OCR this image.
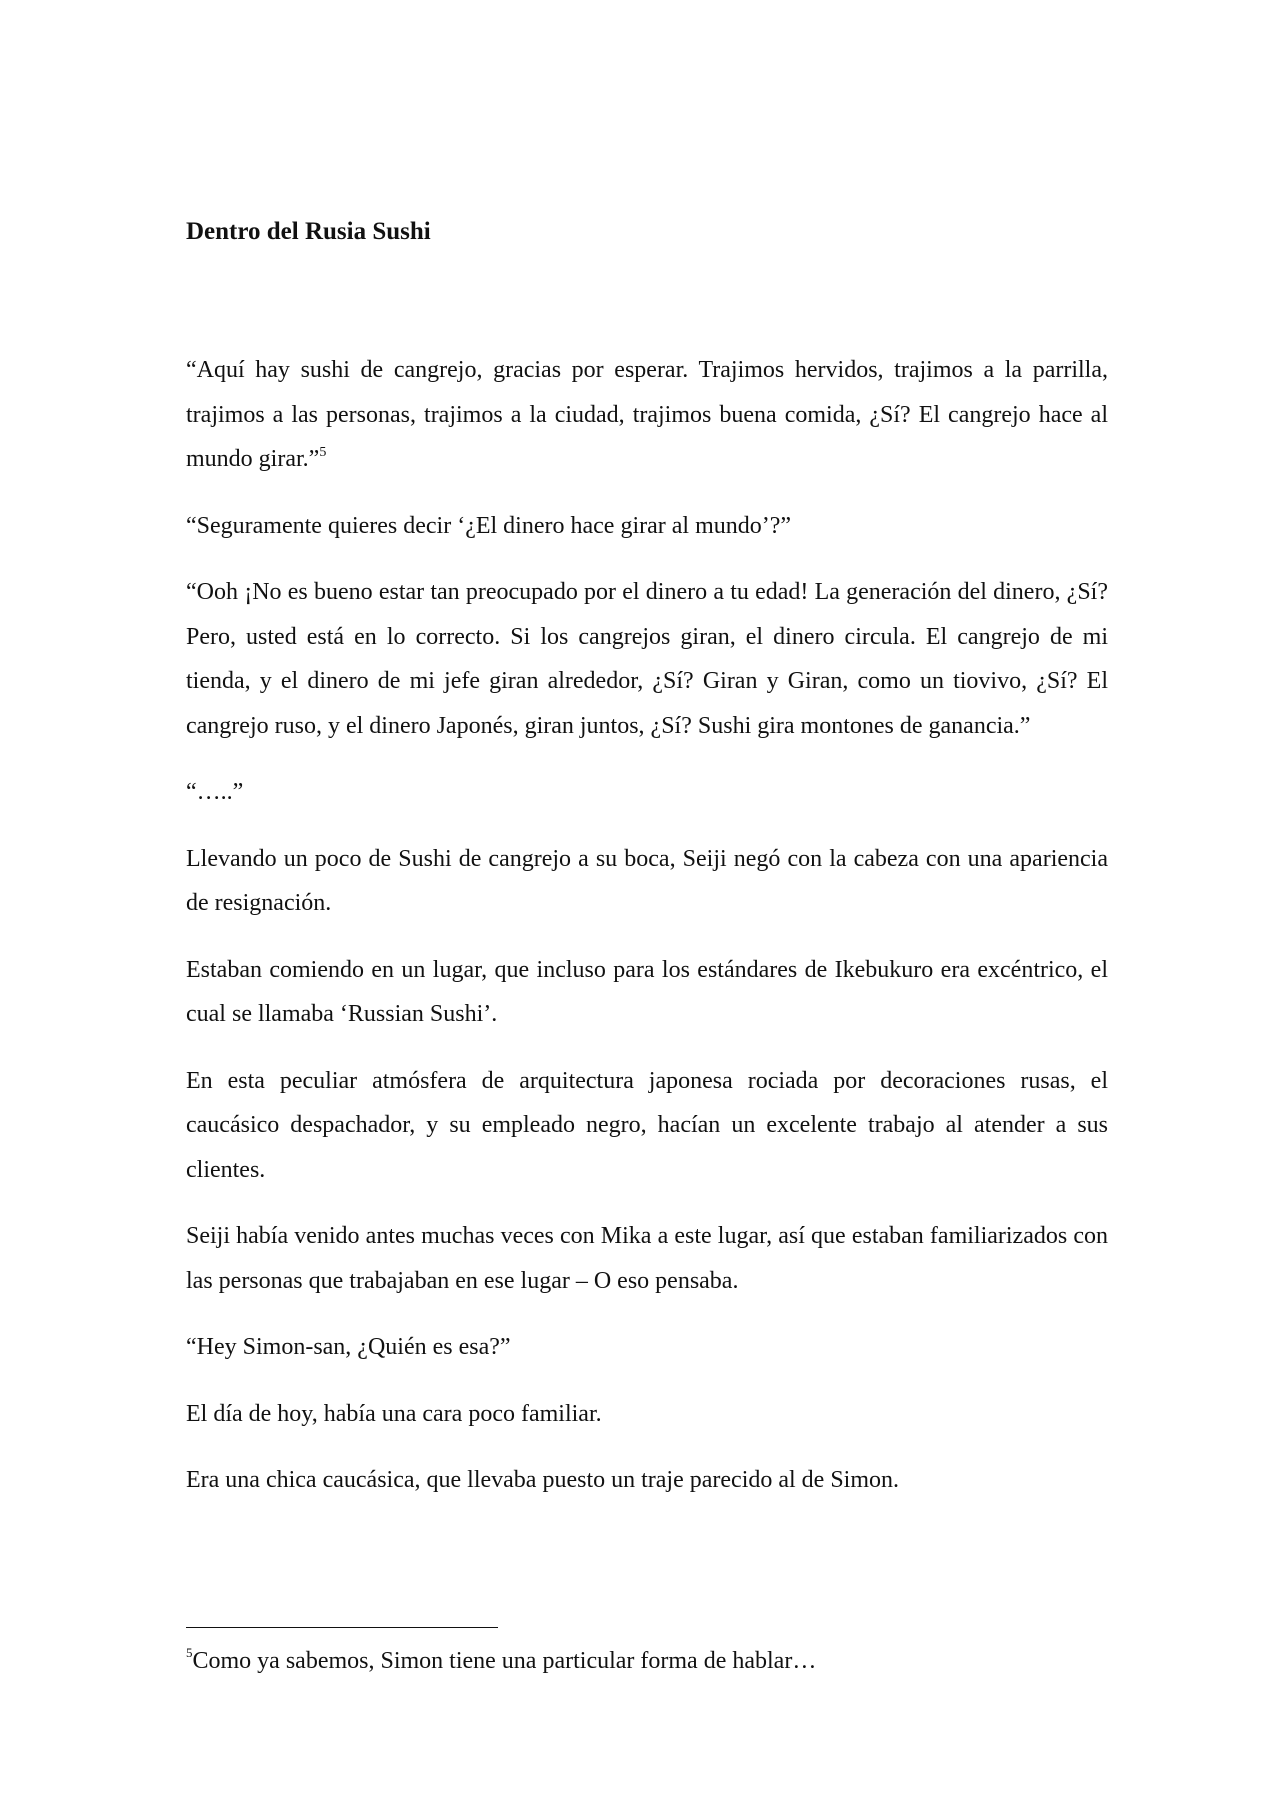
Dentro del Rusia Sushi

“Aquí hay sushi de cangrejo, gracias por esperar. Trajimos hervidos, trajimos a la parrilla, trajimos a las personas, trajimos a la ciudad, trajimos buena comida, ¿Sí? El cangrejo hace al mundo girar.”$^5$

“Seguramente quieres decir ‘¿El dinero hace girar al mundo’?”

“Ooh ¡No es bueno estar tan preocupado por el dinero a tu edad! La generación del dinero, ¿Sí? Pero, usted está en lo correcto. Si los cangrejos giran, el dinero circula. El cangrejo de mi tienda, y el dinero de mi jefe giran alrededor, ¿Sí? Giran y Giran, como un tiovivo, ¿Sí? El cangrejo ruso, y el dinero Japonés, giran juntos, ¿Sí? Sushi gira montones de ganancia.”

“…..”

Llevando un poco de Sushi de cangrejo a su boca, Seiji negó con la cabeza con una apariencia de resignación.

Estaban comiendo en un lugar, que incluso para los estándares de Ikebukuro era excéntrico, el cual se llamaba ‘Russian Sushi’.

En esta peculiar atmósfera de arquitectura japonesa rociada por decoraciones rusas, el caucásico despachador, y su empleado negro, hacían un excelente trabajo al atender a sus clientes.

Seiji había venido antes muchas veces con Mika a este lugar, así que estaban familiarizados con las personas que trabajaban en ese lugar – O eso pensaba.

“Hey Simon-san, ¿Quién es esa?”

El día de hoy, había una cara poco familiar.

Era una chica caucásica, que llevaba puesto un traje parecido al de Simon.

$^5$Como ya sabemos, Simon tiene una particular forma de hablar…
